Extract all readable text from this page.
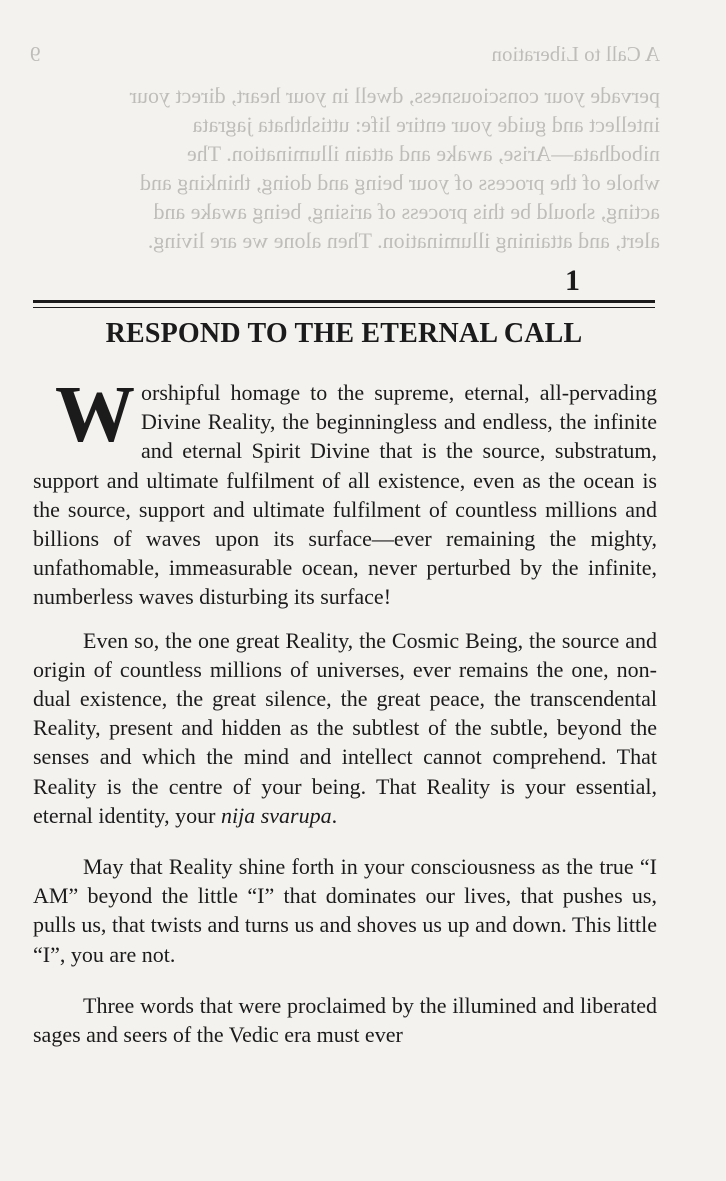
A Call to Liberation
9
pervade your consciousness, dwell in your heart, direct your
intellect and guide your entire life: uttishthata jagrata
nibodhata—Arise, awake and attain illumination. The
whole of the process of your being and doing, thinking and
acting, should be this process of arising, being awake and
alert, and attaining illumination. Then alone we are living.
1
RESPOND TO THE ETERNAL CALL

Worshipful homage to the supreme, eternal, all-pervading Divine Reality, the beginningless and endless, the infinite and eternal Spirit Divine that is the source, substratum, support and ultimate fulfilment of all existence, even as the ocean is the source, support and ultimate fulfilment of countless millions and billions of waves upon its surface—ever remaining the mighty, unfathomable, immeasurable ocean, never perturbed by the infinite, numberless waves disturbing its surface!

Even so, the one great Reality, the Cosmic Being, the source and origin of countless millions of universes, ever remains the one, non-dual existence, the great silence, the great peace, the transcendental Reality, present and hidden as the subtlest of the subtle, beyond the senses and which the mind and intellect cannot comprehend. That Reality is the centre of your being. That Reality is your essential, eternal identity, your nija svarupa.

May that Reality shine forth in your consciousness as the true “I AM” beyond the little “I” that dominates our lives, that pushes us, pulls us, that twists and turns us and shoves us up and down. This little “I”, you are not.

Three words that were proclaimed by the illumined and liberated sages and seers of the Vedic era must ever
